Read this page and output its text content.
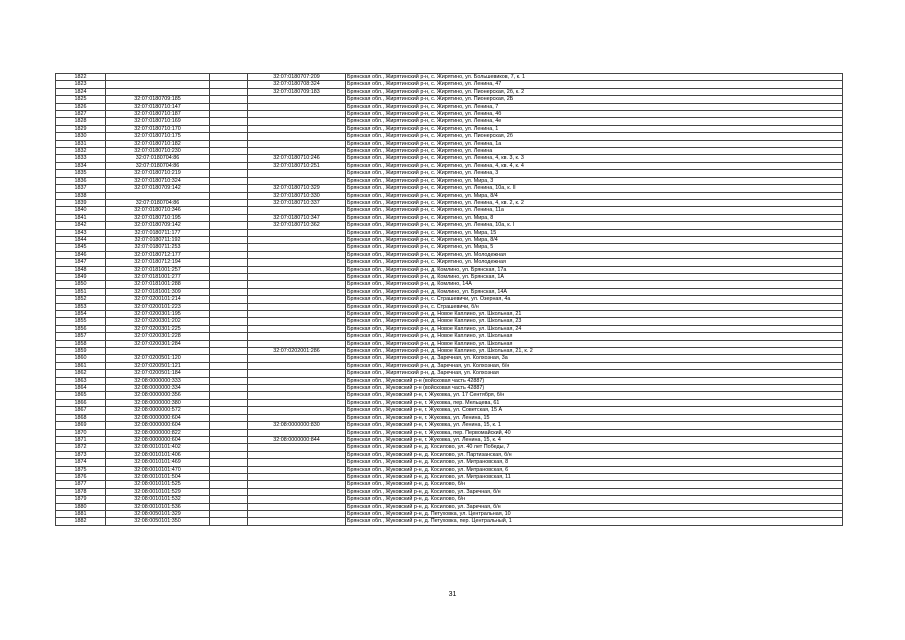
1822			32:07:0180707:209	Брянская обл., Жирятинский р-н, с. Жирятино, ул. Большевиков, 7, к. 1
1823			32:07:0180708:324	Брянская обл., Жирятинский р-н, с. Жирятино, ул. Ленина, 47
1824			32:07:0180709:183	Брянская обл., Жирятинский р-н, с. Жирятино, ул. Пионерская, 2б, к. 2
1825	32:07:0180709:185			Брянская обл., Жирятинский р-н, с. Жирятино, ул. Пионерская, 2Б
1826	32:07:0180710:147			Брянская обл., Жирятинский р-н, с. Жирятино, ул. Ленина, 7
1827	32:07:0180710:187			Брянская обл., Жирятинский р-н, с. Жирятино, ул. Ленина, 4б
1828	32:07:0180710:169			Брянская обл., Жирятинский р-н, с. Жирятино, ул. Ленина, 4е
1829	32:07:0180710:170			Брянская обл., Жирятинский р-н, с. Жирятино, ул. Ленина, 1
1830	32:07:0180710:175			Брянская обл., Жирятинский р-н, с. Жирятино, ул. Пионерская, 2б
1831	32:07:0180710:182			Брянская обл., Жирятинский р-н, с. Жирятино, ул. Ленина, 1а
1832	32:07:0180710:230			Брянская обл., Жирятинский р-н, с. Жирятино, ул. Ленина
1833	32:07:0180704:86		32:07:0180710:246	Брянская обл., Жирятинский р-н, с. Жирятино, ул. Ленина, 4, кв. 3, к. 3
1834	32:07:0180704:86		32:07:0180710:251	Брянская обл., Жирятинский р-н, с. Жирятино, ул. Ленина, 4, кв. 4, к. 4
1835	32:07:0180710:219			Брянская обл., Жирятинский р-н, с. Жирятино, ул. Ленина, 3
1836	32:07:0180710:324			Брянская обл., Жирятинский р-н, с. Жирятино, ул. Мира, 3
1837	32:07:0180709:142		32:07:0180710:329	Брянская обл., Жирятинский р-н, с. Жирятино, ул. Ленина, 10а, к. II
1838			32:07:0180710:330	Брянская обл., Жирятинский р-н, с. Жирятино, ул. Мира, 8/4
1839	32:07:0180704:86		32:07:0180710:337	Брянская обл., Жирятинский р-н, с. Жирятино, ул. Ленина, 4, кв. 2, к. 2
1840	32:07:0180710:346			Брянская обл., Жирятинский р-н, с. Жирятино, ул. Ленина, 11а
1841	32:07:0180710:195		32:07:0180710:347	Брянская обл., Жирятинский р-н, с. Жирятино, ул. Мира, 8
1842	32:07:0180709:142		32:07:0180710:362	Брянская обл., Жирятинский р-н, с. Жирятино, ул. Ленина, 10а, к. I
1843	32:07:0180711:177			Брянская обл., Жирятинский р-н, с. Жирятино, ул. Мира, 15
1844	32:07:0180711:192			Брянская обл., Жирятинский р-н, с. Жирятино, ул. Мира, 8/4
1845	32:07:0180711:253			Брянская обл., Жирятинский р-н, с. Жирятино, ул. Мира, 5
1846	32:07:0180712:177			Брянская обл., Жирятинский р-н, с. Жирятино, ул. Молодежная
1847	32:07:0180712:194			Брянская обл., Жирятинский р-н, с. Жирятино, ул. Молодежная
1848	32:07:0181001:257			Брянская обл., Жирятинский р-н, д. Комлино, ул. Брянская, 17а
1849	32:07:0181001:277			Брянская обл., Жирятинский р-н, д. Комлино, ул. Брянская, 1А
1850	32:07:0181001:288			Брянская обл., Жирятинский р-н, д. Комлино, 14А
1851	32:07:0181001:309			Брянская обл., Жирятинский р-н, д. Комлино, ул. Брянская, 14А
1852	32:07:0200101:214			Брянская обл., Жирятинский р-н, с. Страшевичи, ул. Озерная, 4а
1853	32:07:0200101:223			Брянская обл., Жирятинский р-н, с. Страшевичи, б/н
1854	32:07:0200301:195			Брянская обл., Жирятинский р-н, д. Новое Каплино, ул. Школьная, 21
1855	32:07:0200301:202			Брянская обл., Жирятинский р-н, д. Новое Каплино, ул. Школьная, 23
1856	32:07:0200301:225			Брянская обл., Жирятинский р-н, д. Новое Каплино, ул. Школьная, 24
1857	32:07:0200301:228			Брянская обл., Жирятинский р-н, д. Новое Каплино, ул. Школьная
1858	32:07:0200301:284			Брянская обл., Жирятинский р-н, д. Новое Каплино, ул. Школьная
1859			32:07:0202001:286	Брянская обл., Жирятинский р-н, д. Новое Каплино, ул. Школьная, 21, к. 2
1860	32:07:0200501:120			Брянская обл., Жирятинский р-н, д. Заречная, ул. Колхозная, 3а
1861	32:07:0200501:121			Брянская обл., Жирятинский р-н, д. Заречная, ул. Колхозная, б/н
1862	32:07:0200501:184			Брянская обл., Жирятинский р-н, д. Заречная, ул. Колхозная
1863	32:08:0000000:333			Брянская обл., Жуковский р-н (войсковая часть 42887)
1864	32:08:0000000:334			Брянская обл., Жуковский р-н (войсковая часть 42887)
1865	32:08:0000000:356			Брянская обл., Жуковский р-н, г. Жуковка, ул. 17 Сентября, б/н
1866	32:08:0000000:380			Брянская обл., Жуковский р-н, г. Жуковка, пер. Мельцева, 61
1867	32:08:0000000:572			Брянская обл., Жуковский р-н, г. Жуковка, ул. Советская, 15 А
1868	32:08:0000000:604			Брянская обл., Жуковский р-н, г. Жуковка, ул. Ленина, 15
1869	32:08:0000000:604		32:08:0000000:830	Брянская обл., Жуковский р-н, г. Жуковка, ул. Ленина, 15, к. 1
1870	32:08:0000000:822			Брянская обл., Жуковский р-н, г. Жуковка, пер. Первомайский, 40
1871	32:08:0000000:604		32:08:0000000:844	Брянская обл., Жуковский р-н, г. Жуковка, ул. Ленина, 15, к. 4
1872	32:08:0010101:402			Брянская обл., Жуковский р-н, д. Косилово, ул. 40 лет Победы, 7
1873	32:08:0010101:406			Брянская обл., Жуковский р-н, д. Косилово, ул. Партизанская, б/н
1874	32:08:0010101:469			Брянская обл., Жуковский р-н, д. Косилово, ул. Митрановская, 8
1875	32:08:0010101:470			Брянская обл., Жуковский р-н, д. Косилово, ул. Митрановская, 6
1876	32:08:0010101:504			Брянская обл., Жуковский р-н, д. Косилово, ул. Митрановская, 11
1877	32:08:0010101:525			Брянская обл., Жуковский р-н, д. Косилово, б/н
1878	32:08:0010101:529			Брянская обл., Жуковский р-н, д. Косилово, ул. Заречная, б/н
1879	32:08:0010101:532			Брянская обл., Жуковский р-н, д. Косилово, б/н
1880	32:08:0010101:536			Брянская обл., Жуковский р-н, д. Косилово, ул. Заречная, б/н
1881	32:08:0050101:329			Брянская обл., Жуковский р-н, д. Петуховка, ул. Центральная, 10
1882	32:08:0050101:350			Брянская обл., Жуковский р-н, д. Петуховка, пер. Центральный, 1
31
